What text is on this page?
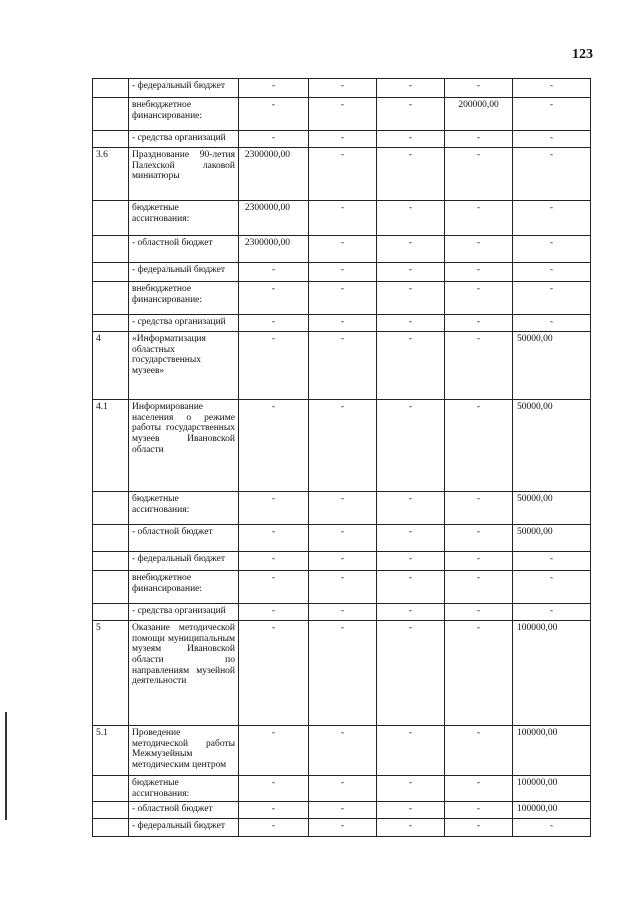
123
	- федеральный бюджет	-	-	-	-	-
	внебюджетное финансирование:	-	-	-	200000,00	-
	- средства организаций	-	-	-	-	-
3.6	Празднование 90-летия Палехской лаковой миниатюры	2300000,00	-	-	-	-
	бюджетные ассигнования:	2300000,00	-	-	-	-
	- областной бюджет	2300000,00	-	-	-	-
	- федеральный бюджет	-	-	-	-	-
	внебюджетное финансирование:	-	-	-	-	-
	- средства организаций	-	-	-	-	-
4	«Информатизация областных государственных музеев»	-	-	-	-	50000,00
4.1	Информирование населения о режиме работы государственных музеев Ивановской области	-	-	-	-	50000,00
	бюджетные ассигнования:	-	-	-	-	50000,00
	- областной бюджет	-	-	-	-	50000,00
	- федеральный бюджет	-	-	-	-	-
	внебюджетное финансирование:	-	-	-	-	-
	- средства организаций	-	-	-	-	-
5	Оказание методической помощи муниципальным музеям Ивановской области по направлениям музейной деятельности	-	-	-	-	100000,00
5.1	Проведение методической работы Межмузейным методическим центром	-	-	-	-	100000,00
	бюджетные ассигнования:	-	-	-	-	100000,00
	- областной бюджет	-	-	-	-	100000,00
	- федеральный бюджет	-	-	-	-	-
